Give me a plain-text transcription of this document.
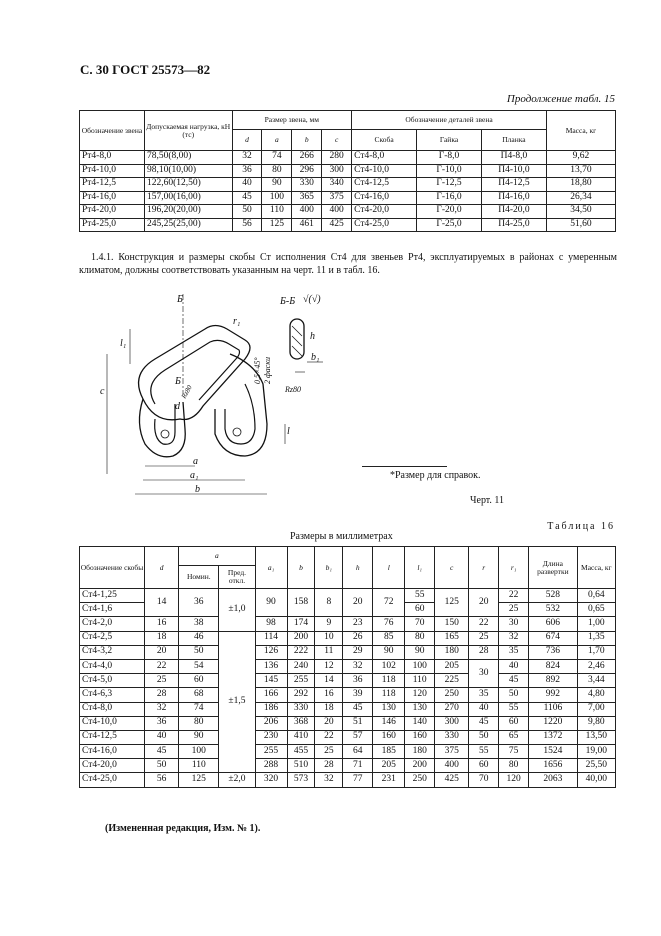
С. 30 ГОСТ 25573—82
Продолжение табл. 15
Обозначение звена	Допускаемая нагрузка, кН (тс)	Размер звена, мм				Обозначение деталей звена			Масса, кг
		d	a	b	c	Скоба	Гайка	Планка	
Рт4-8,0	78,50(8,00)	32	74	266	280	Ст4-8,0	Г-8,0	П4-8,0	9,62
Рт4-10,0	98,10(10,00)	36	80	296	300	Ст4-10,0	Г-10,0	П4-10,0	13,70
Рт4-12,5	122,60(12,50)	40	90	330	340	Ст4-12,5	Г-12,5	П4-12,5	18,80
Рт4-16,0	157,00(16,00)	45	100	365	375	Ст4-16,0	Г-16,0	П4-16,0	26,34
Рт4-20,0	196,20(20,00)	50	110	400	400	Ст4-20,0	Г-20,0	П4-20,0	34,50
Рт4-25,0	245,25(25,00)	56	125	461	425	Ст4-25,0	Г-25,0	П4-25,0	51,60
1.4.1. Конструкция и размеры скобы Ст исполнения Ст4 для звеньев Рт4, эксплуатируемых в районах с умеренным климатом, должны соответствовать указанным на черт. 11 и в табл. 16.
Б
Б
Б-Б √(√)
r₁
l₁
c
h
b₁
l
a
a₁
b
d
Rz80
Rz80
0,5×45° 2 фаски
*Размер для справок.
Черт. 11
Таблица 16
Размеры в миллиметрах
Обозначение скобы	d	a		a₁	b	b₁	h	l	l₁	c	r	r₁	Длина развертки	Масса, кг
		Номин.	Пред. откл.											
Ст4-1,25	14	36	±1,0	90	158	8	20	72	55	125	20	22	528	0,64
Ст4-1,6									60			25	532	0,65
Ст4-2,0	16	38		98	174	9	23	76	70	150	22	30	606	1,00
Ст4-2,5	18	46	±1,5	114	200	10	26	85	80	165	25	32	674	1,35
Ст4-3,2	20	50		126	222	11	29	90	90	180	28	35	736	1,70
Ст4-4,0	22	54		136	240	12	32	102	100	205	30	40	824	2,46
Ст4-5,0	25	60		145	255	14	36	118	110	225		45	892	3,44
Ст4-6,3	28	68		166	292	16	39	118	120	250	35	50	992	4,80
Ст4-8,0	32	74		186	330	18	45	130	130	270	40	55	1106	7,00
Ст4-10,0	36	80		206	368	20	51	146	140	300	45	60	1220	9,80
Ст4-12,5	40	90		230	410	22	57	160	160	330	50	65	1372	13,50
Ст4-16,0	45	100		255	455	25	64	185	180	375	55	75	1524	19,00
Ст4-20,0	50	110		288	510	28	71	205	200	400	60	80	1656	25,50
Ст4-25,0	56	125	±2,0	320	573	32	77	231	250	425	70	120	2063	40,00
(Измененная редакция, Изм. № 1).
